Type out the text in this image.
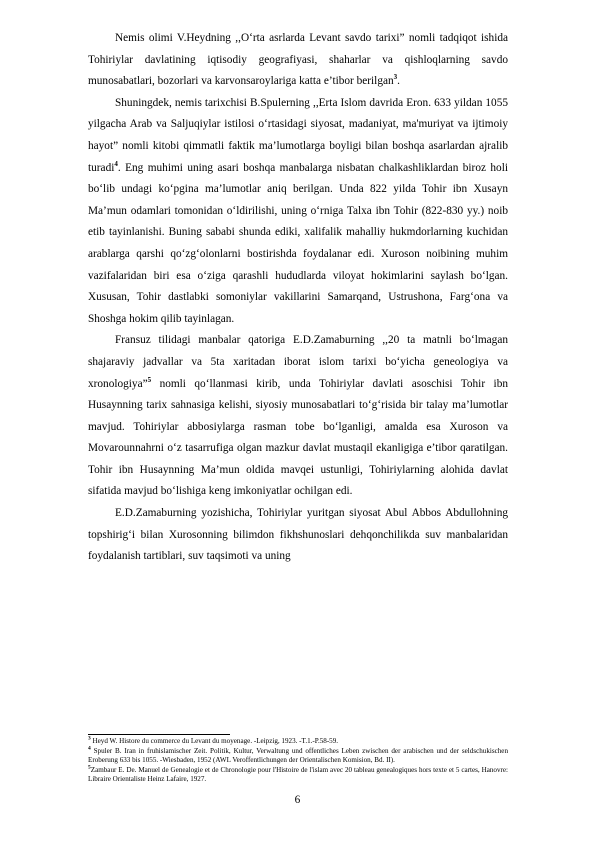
Nemis olimi V.Heydning ,,Oʻrta asrlarda Levant savdo tarixi” nomli tadqiqot ishida Tohiriylar davlatining iqtisodiy geografiyasi, shaharlar va qishloqlarning savdo munosabatlari, bozorlari va karvonsaroylariga katta e’tibor berilgan$^3$.

Shuningdek, nemis tarixchisi B.Spulerning ,,Erta Islom davrida Eron. 633 yildan 1055 yilgacha Arab va Saljuqiylar istilosi oʻrtasidagi siyosat, madaniyat, ma'muriyat va ijtimoiy hayot” nomli kitobi qimmatli faktik ma’lumotlarga boyligi bilan boshqa asarlardan ajralib turadi$^4$. Eng muhimi uning asari boshqa manbalarga nisbatan chalkashliklardan biroz holi boʻlib undagi koʻpgina ma’lumotlar aniq berilgan. Unda 822 yilda Tohir ibn Xusayn Ma’mun odamlari tomonidan oʻldirilishi, uning oʻrniga Talxa ibn Tohir (822-830 yy.) noib etib tayinlanishi. Buning sababi shunda ediki, xalifalik mahalliy hukmdorlarning kuchidan arablarga qarshi qoʻzgʻolonlarni bostirishda foydalanar edi. Xuroson noibining muhim vazifalaridan biri esa oʻziga qarashli hududlarda viloyat hokimlarini saylash boʻlgan. Xususan, Tohir dastlabki somoniylar vakillarini Samarqand, Ustrushona, Fargʻona va Shoshga hokim qilib tayinlagan.

Fransuz tilidagi manbalar qatoriga E.D.Zamaburning ,,20 ta matnli boʻlmagan shajaraviy jadvallar va 5ta xaritadan iborat islom tarixi boʻyicha geneologiya va xronologiya”$^5$ nomli qoʻllanmasi kirib, unda Tohiriylar davlati asoschisi Tohir ibn Husaynning tarix sahnasiga kelishi, siyosiy munosabatlari toʻgʻrisida bir talay ma’lumotlar mavjud. Tohiriylar abbosiylarga rasman tobe boʻlganligi, amalda esa Xuroson va Movarounnahrni oʻz tasarrufiga olgan mazkur davlat mustaqil ekanligiga e’tibor qaratilgan. Tohir ibn Husaynning Ma’mun oldida mavqei ustunligi, Tohiriylarning alohida davlat sifatida mavjud boʻlishiga keng imkoniyatlar ochilgan edi.

E.D.Zamaburning yozishicha, Tohiriylar yuritgan siyosat Abul Abbos Abdullohning topshirigʻi bilan Xurosonning bilimdon fikhshunoslari dehqonchilikda suv manbalaridan foydalanish tartiblari, suv taqsimoti va uning

$^3$ Heyd W. Histore du commerce du Levant du moyenage. -Leipzig, 1923. -T.1.-P.58-59.

$^4$ Spuler B. Iran in fruhislamischer Zeit. Politik, Kultur, Verwaltung und offentliches Leben zwischen der arabischen und der seldschukischen Eroberung 633 bis 1055. -Wiesbaden, 1952 (AWL Veroffentlichungen der Orientalischen Komision, Bd. II).

$^5$Zambaur E. De. Manuel de Genealogie et de Chronologie pour l'Histoire de l'islam avec 20 tableau genealogiques hors texte et 5 cartes, Hanovre: Libraire Orientaliste Heinz Lafaire, 1927.

6
